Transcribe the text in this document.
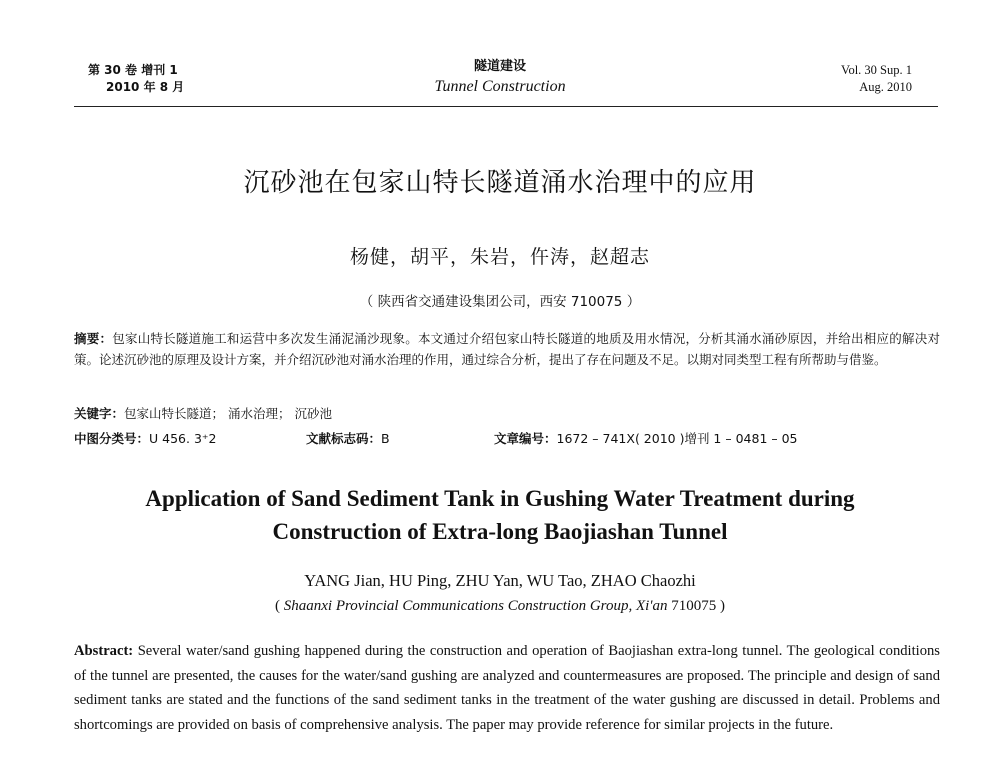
第 30 卷 增刊 1
2010 年 8 月
隧道建设
Tunnel Construction
Vol. 30 Sup. 1
Aug. 2010
沉砂池在包家山特长隧道涌水治理中的应用
杨健，胡平，朱岩，仵涛，赵超志
（ 陕西省交通建设集团公司，西安 710075 ）
摘要：包家山特长隧道施工和运营中多次发生涌泥涌沙现象。本文通过介绍包家山特长隧道的地质及用水情况，分析其涌水涌砂原因，并给出相应的解决对策。论述沉砂池的原理及设计方案，并介绍沉砂池对涌水治理的作用，通过综合分析，提出了存在问题及不足。以期对同类型工程有所帮助与借鉴。
关键字：包家山特长隧道； 涌水治理； 沉砂池
中图分类号：U 456. 3⁺2	文献标志码：B	文章编号：1672 – 741X( 2010 )增刊 1 – 0481 – 05
Application of Sand Sediment Tank in Gushing Water Treatment during
Construction of Extra-long Baojiashan Tunnel
YANG Jian, HU Ping, ZHU Yan, WU Tao, ZHAO Chaozhi
( Shaanxi Provincial Communications Construction Group, Xi'an 710075 )
Abstract: Several water/sand gushing happened during the construction and operation of Baojiashan extra-long tunnel. The geological conditions of the tunnel are presented, the causes for the water/sand gushing are analyzed and countermeasures are proposed. The principle and design of sand sediment tanks are stated and the functions of the sand sediment tanks in the treatment of the water gushing are discussed in detail. Problems and shortcomings are provided on basis of comprehensive analysis. The paper may provide reference for similar projects in the future.
